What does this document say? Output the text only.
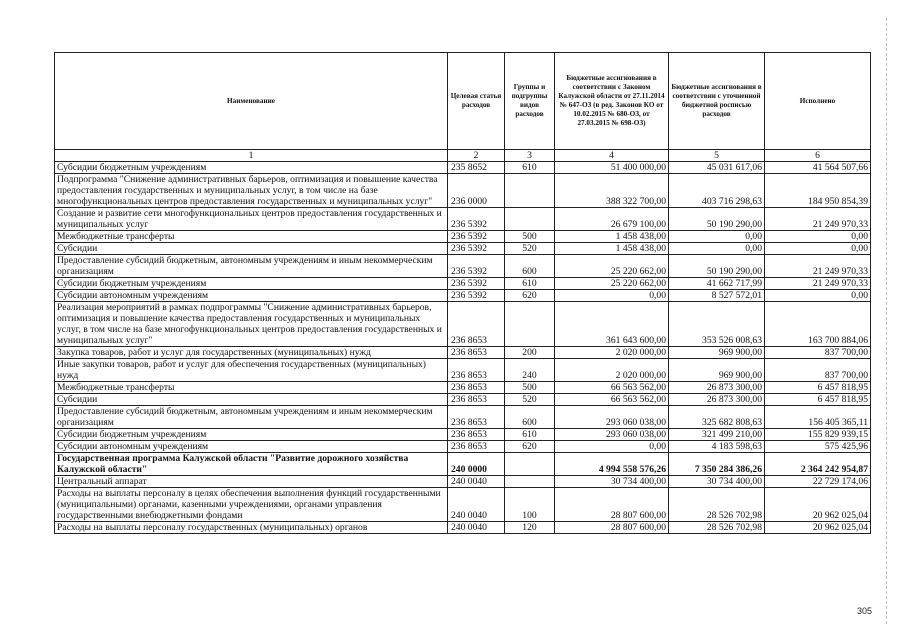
Наименование	Целевая статья расходов	Группы и подгруппы видов расходов	Бюджетные ассигнования в соответствии с Законом Калужской области от 27.11.2014 № 647-ОЗ (в ред. Законов КО от 10.02.2015 № 680-ОЗ, от 27.03.2015 № 698-ОЗ)	Бюджетные ассигнования в соответствии с уточненной бюджетной росписью расходов	Исполнено
1	2	3	4	5	6
Субсидии бюджетным учреждениям	235 8652	610	51 400 000,00	45 031 617,06	41 564 507,66
Подпрограмма "Снижение административных барьеров, оптимизация и повышение качества предоставления государственных и муниципальных услуг, в том числе на базе многофункциональных центров предоставления государственных и муниципальных услуг"	236 0000		388 322 700,00	403 716 298,63	184 950 854,39
Создание и развитие сети многофункциональных центров предоставления государственных и муниципальных услуг	236 5392		26 679 100,00	50 190 290,00	21 249 970,33
Межбюджетные трансферты	236 5392	500	1 458 438,00	0,00	0,00
Субсидии	236 5392	520	1 458 438,00	0,00	0,00
Предоставление субсидий бюджетным, автономным учреждениям и иным некоммерческим организациям	236 5392	600	25 220 662,00	50 190 290,00	21 249 970,33
Субсидии бюджетным учреждениям	236 5392	610	25 220 662,00	41 662 717,99	21 249 970,33
Субсидии автономным учреждениям	236 5392	620	0,00	8 527 572,01	0,00
Реализация мероприятий в рамках подпрограммы "Снижение административных барьеров, оптимизация и повышение качества предоставления государственных и муниципальных услуг, в том числе на базе многофункциональных центров предоставления государственных и муниципальных услуг"	236 8653		361 643 600,00	353 526 008,63	163 700 884,06
Закупка товаров, работ и услуг для государственных (муниципальных) нужд	236 8653	200	2 020 000,00	969 900,00	837 700,00
Иные закупки товаров, работ и услуг для обеспечения государственных (муниципальных) нужд	236 8653	240	2 020 000,00	969 900,00	837 700,00
Межбюджетные трансферты	236 8653	500	66 563 562,00	26 873 300,00	6 457 818,95
Субсидии	236 8653	520	66 563 562,00	26 873 300,00	6 457 818,95
Предоставление субсидий бюджетным, автономным учреждениям и иным некоммерческим организациям	236 8653	600	293 060 038,00	325 682 808,63	156 405 365,11
Субсидии бюджетным учреждениям	236 8653	610	293 060 038,00	321 499 210,00	155 829 939,15
Субсидии автономным учреждениям	236 8653	620	0,00	4 183 598,63	575 425,96
Государственная программа Калужской области "Развитие дорожного хозяйства Калужской области"	240 0000		4 994 558 576,26	7 350 284 386,26	2 364 242 954,87
Центральный аппарат	240 0040		30 734 400,00	30 734 400,00	22 729 174,06
Расходы на выплаты персоналу в целях обеспечения выполнения функций государственными (муниципальными) органами, казенными учреждениями, органами управления государственными внебюджетными фондами	240 0040	100	28 807 600,00	28 526 702,98	20 962 025,04
Расходы на выплаты персоналу государственных (муниципальных) органов	240 0040	120	28 807 600,00	28 526 702,98	20 962 025,04
305
